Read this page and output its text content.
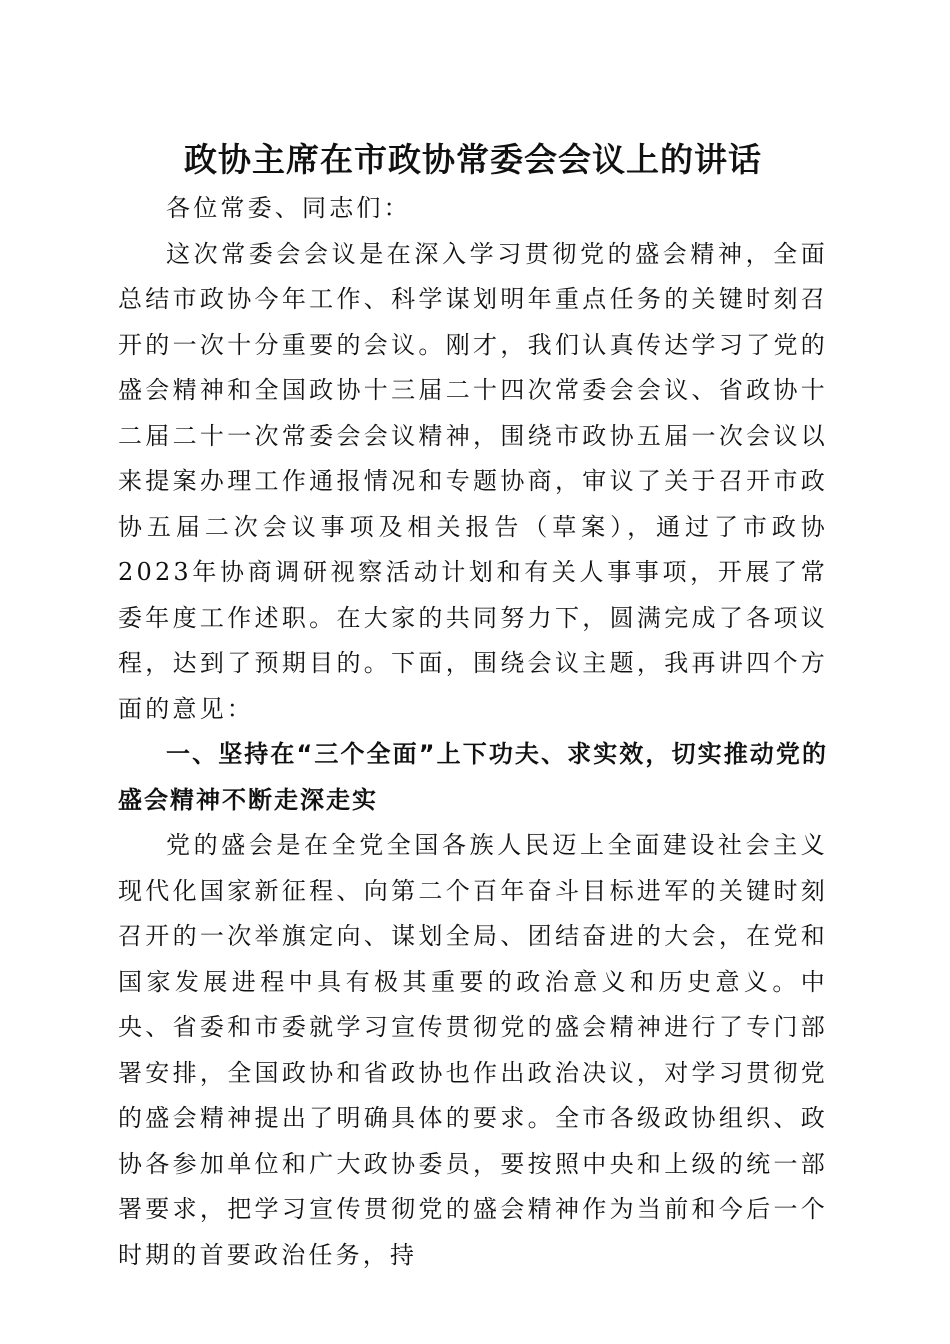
政协主席在市政协常委会会议上的讲话

各位常委、同志们：

这次常委会会议是在深入学习贯彻党的盛会精神，全面总结市政协今年工作、科学谋划明年重点任务的关键时刻召开的一次十分重要的会议。刚才，我们认真传达学习了党的盛会精神和全国政协十三届二十四次常委会会议、省政协十二届二十一次常委会会议精神，围绕市政协五届一次会议以来提案办理工作通报情况和专题协商，审议了关于召开市政协五届二次会议事项及相关报告（草案），通过了市政协2023年协商调研视察活动计划和有关人事事项，开展了常委年度工作述职。在大家的共同努力下，圆满完成了各项议程，达到了预期目的。下面，围绕会议主题，我再讲四个方面的意见：

一、坚持在“三个全面”上下功夫、求实效，切实推动党的盛会精神不断走深走实

党的盛会是在全党全国各族人民迈上全面建设社会主义现代化国家新征程、向第二个百年奋斗目标进军的关键时刻召开的一次举旗定向、谋划全局、团结奋进的大会，在党和国家发展进程中具有极其重要的政治意义和历史意义。中央、省委和市委就学习宣传贯彻党的盛会精神进行了专门部署安排，全国政协和省政协也作出政治决议，对学习贯彻党的盛会精神提出了明确具体的要求。全市各级政协组织、政协各参加单位和广大政协委员，要按照中央和上级的统一部署要求，把学习宣传贯彻党的盛会精神作为当前和今后一个时期的首要政治任务，持
